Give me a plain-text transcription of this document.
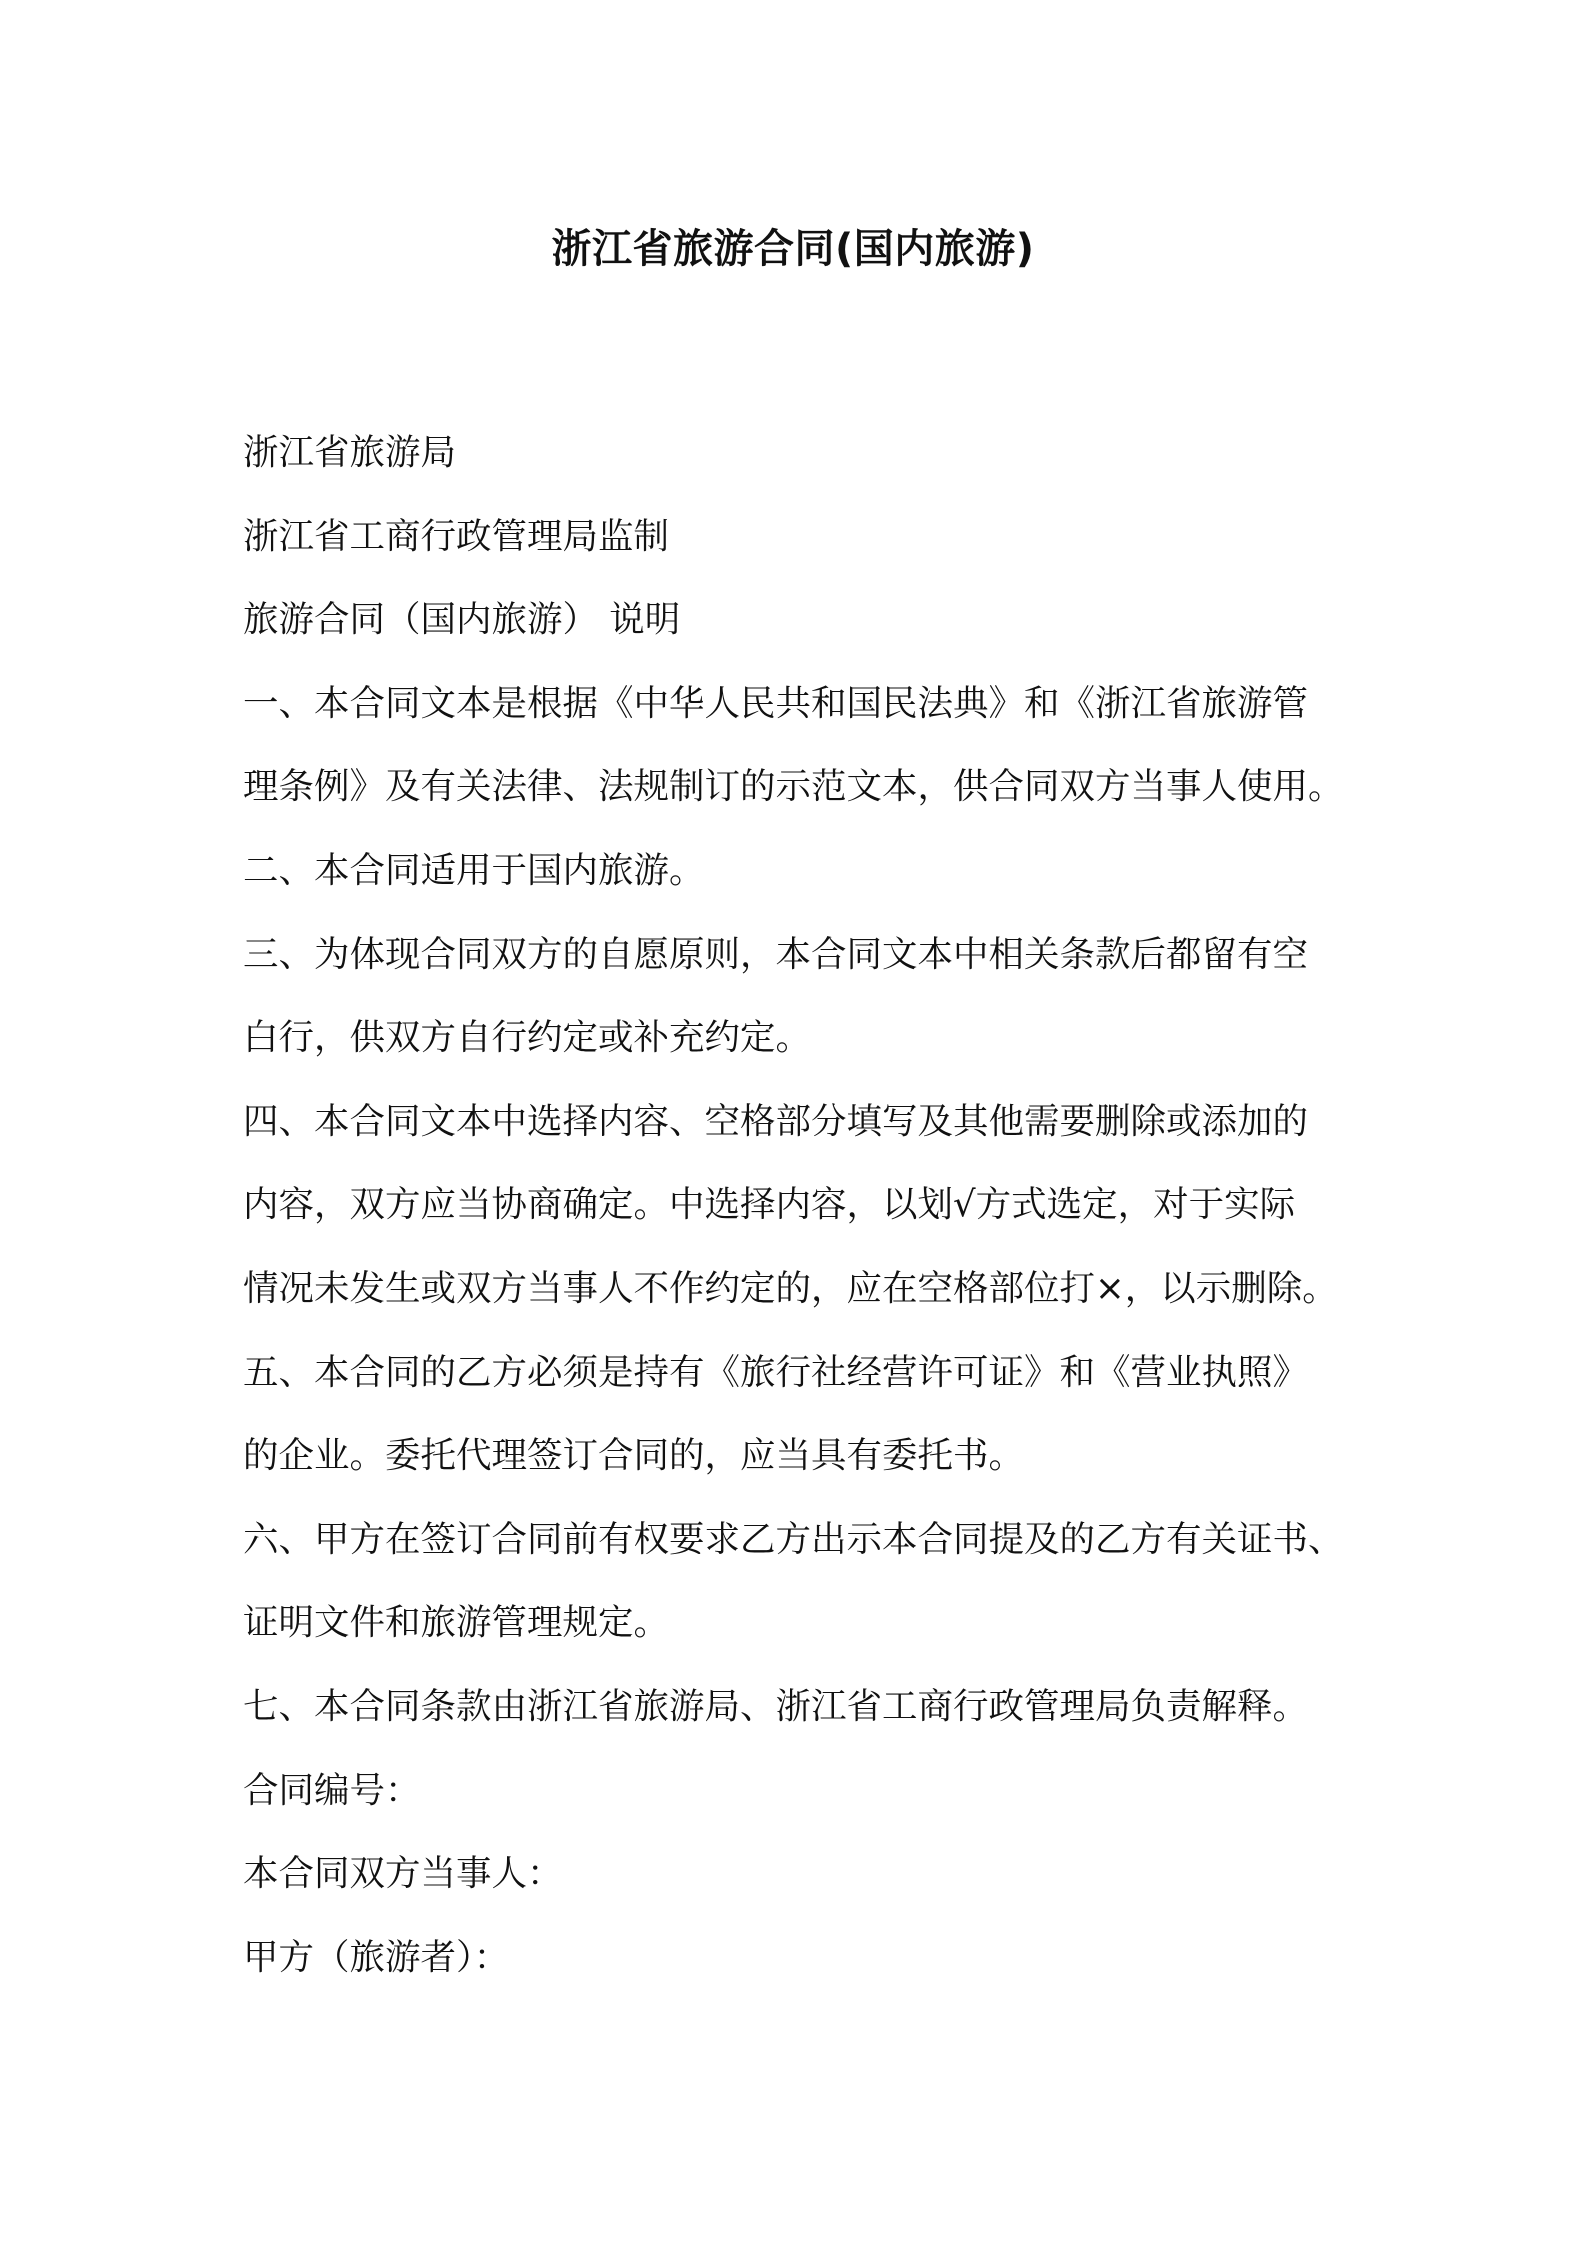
浙江省旅游合同(国内旅游)
浙江省旅游局
浙江省工商行政管理局监制
旅游合同（国内旅游） 说明
一、本合同文本是根据《中华人民共和国民法典》和《浙江省旅游管
理条例》及有关法律、法规制订的示范文本，供合同双方当事人使用。
二、本合同适用于国内旅游。
三、为体现合同双方的自愿原则，本合同文本中相关条款后都留有空
白行，供双方自行约定或补充约定。
四、本合同文本中选择内容、空格部分填写及其他需要删除或添加的
内容，双方应当协商确定。中选择内容，以划√方式选定，对于实际
情况未发生或双方当事人不作约定的，应在空格部位打×，以示删除。
五、本合同的乙方必须是持有《旅行社经营许可证》和《营业执照》
的企业。委托代理签订合同的，应当具有委托书。
六、甲方在签订合同前有权要求乙方出示本合同提及的乙方有关证书、
证明文件和旅游管理规定。
七、本合同条款由浙江省旅游局、浙江省工商行政管理局负责解释。
合同编号：
本合同双方当事人：
甲方（旅游者）：
